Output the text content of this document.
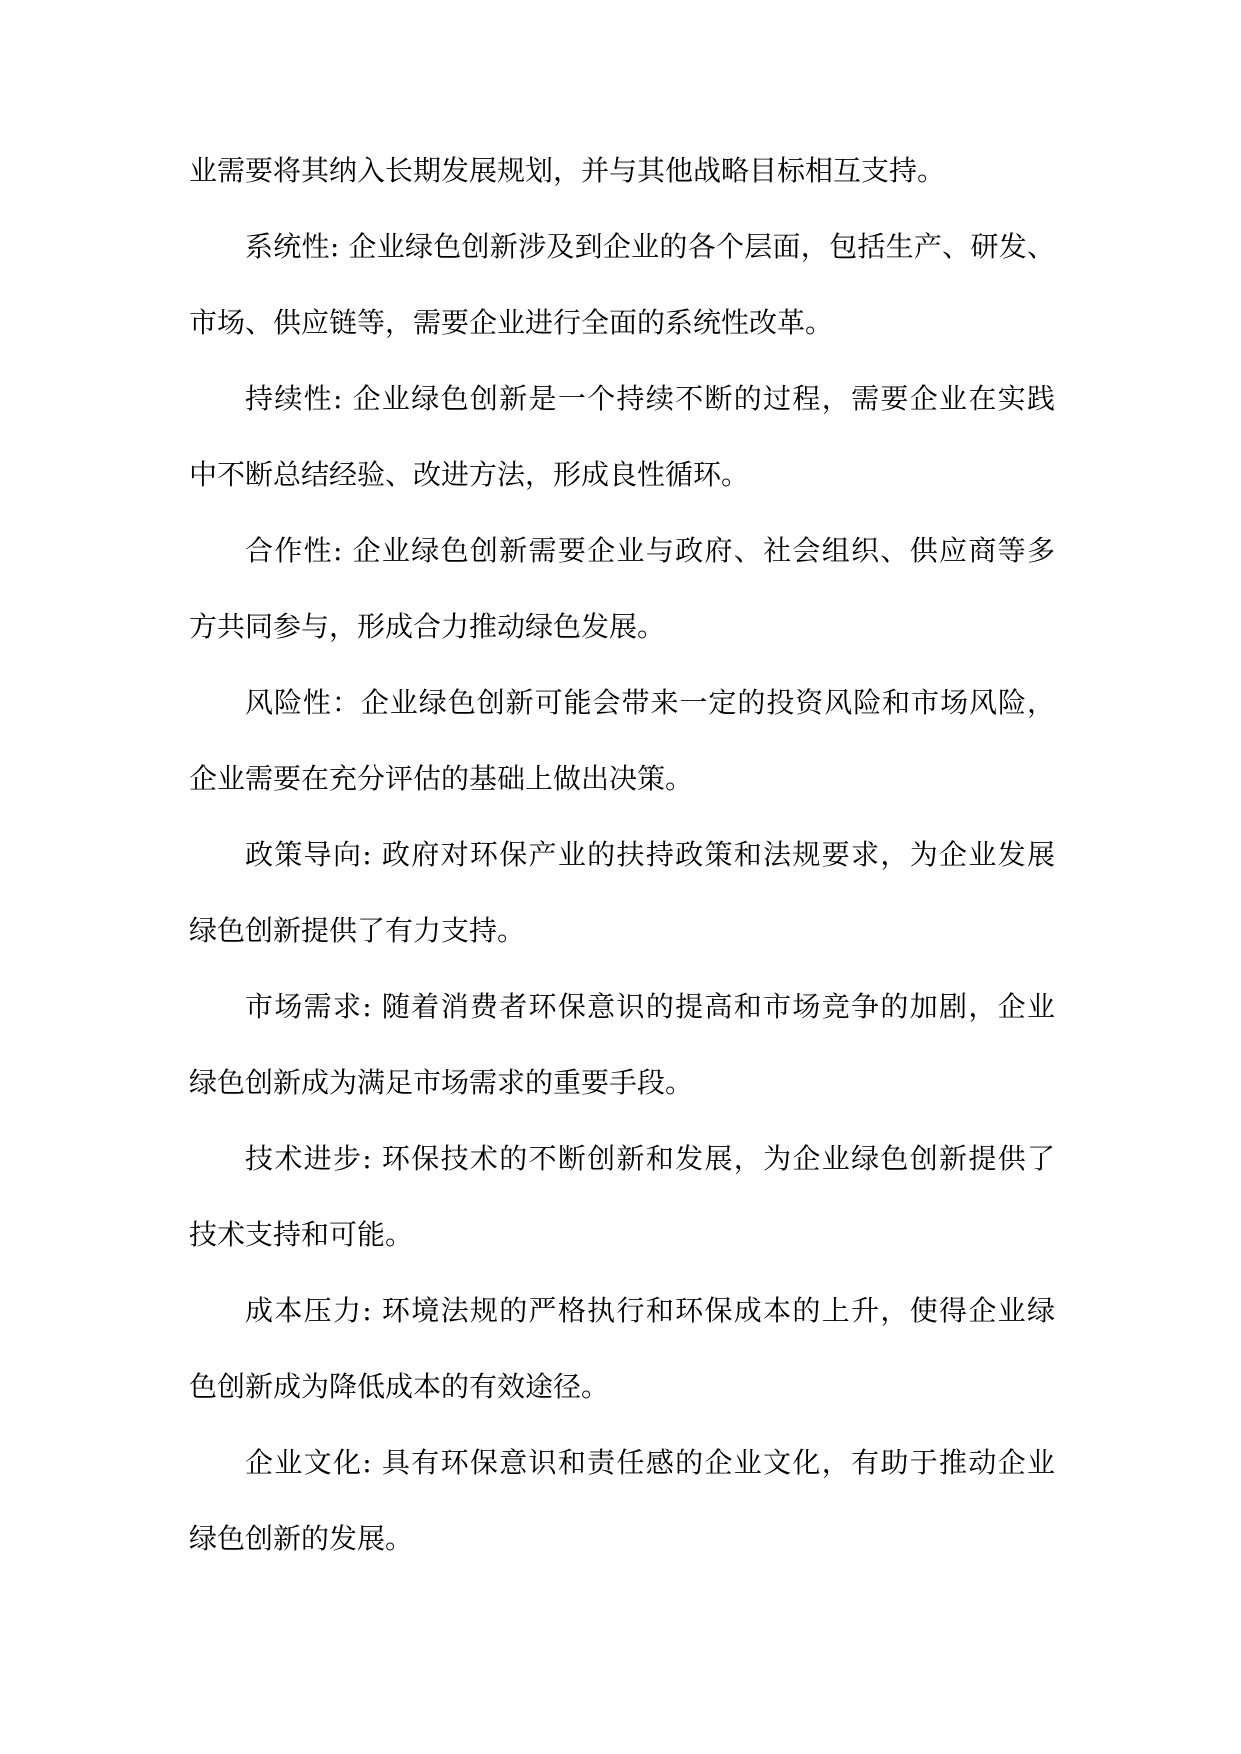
业需要将其纳入长期发展规划，并与其他战略目标相互支持。
系统性: 企业绿色创新涉及到企业的各个层面，包括生产、研发、
市场、供应链等，需要企业进行全面的系统性改革。
持续性: 企业绿色创新是一个持续不断的过程，需要企业在实践
中不断总结经验、改进方法，形成良性循环。
合作性: 企业绿色创新需要企业与政府、社会组织、供应商等多
方共同参与，形成合力推动绿色发展。
风险性：企业绿色创新可能会带来一定的投资风险和市场风险，
企业需要在充分评估的基础上做出决策。
政策导向: 政府对环保产业的扶持政策和法规要求，为企业发展
绿色创新提供了有力支持。
市场需求: 随着消费者环保意识的提高和市场竞争的加剧，企业
绿色创新成为满足市场需求的重要手段。
技术进步: 环保技术的不断创新和发展，为企业绿色创新提供了
技术支持和可能。
成本压力: 环境法规的严格执行和环保成本的上升，使得企业绿
色创新成为降低成本的有效途径。
企业文化: 具有环保意识和责任感的企业文化，有助于推动企业
绿色创新的发展。
